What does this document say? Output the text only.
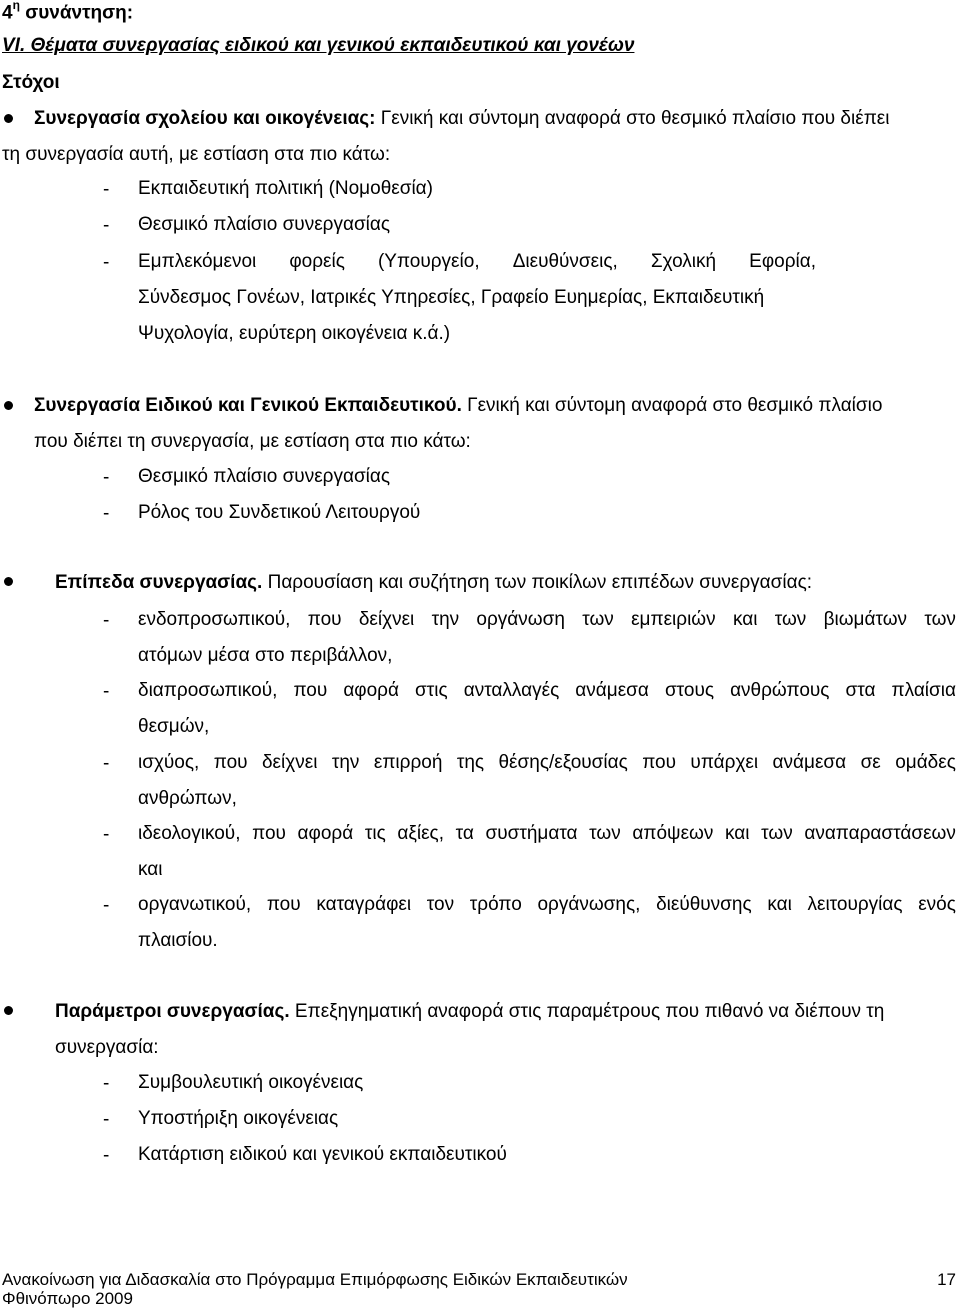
$4^\eta$ συνάντηση:
VI. Θέματα συνεργασίας ειδικού και γενικού εκπαιδευτικού και γονέων
Στόχοι
Συνεργασία σχολείου και οικογένειας: Γενική και σύντομη αναφορά στο θεσμικό πλαίσιο που διέπει
τη συνεργασία αυτή, με εστίαση στα πιο κάτω:
- Εκπαιδευτική πολιτική (Νομοθεσία)
- Θεσμικό πλαίσιο συνεργασίας
- Εμπλεκόμενοι φορείς (Υπουργείο, Διευθύνσεις, Σχολική Εφορία,
Σύνδεσμος Γονέων, Ιατρικές Υπηρεσίες, Γραφείο Ευημερίας, Εκπαιδευτική
Ψυχολογία, ευρύτερη οικογένεια κ.ά.)
Συνεργασία Ειδικού και Γενικού Εκπαιδευτικού. Γενική και σύντομη αναφορά στο θεσμικό πλαίσιο
που διέπει τη συνεργασία, με εστίαση στα πιο κάτω:
- Θεσμικό πλαίσιο συνεργασίας
- Ρόλος του Συνδετικού Λειτουργού
Επίπεδα συνεργασίας. Παρουσίαση και συζήτηση των ποικίλων επιπέδων συνεργασίας:
- ενδοπροσωπικού, που δείχνει την οργάνωση των εμπειριών και των βιωμάτων των
ατόμων μέσα στο περιβάλλον,
- διαπροσωπικού, που αφορά στις ανταλλαγές ανάμεσα στους ανθρώπους στα πλαίσια
θεσμών,
- ισχύος, που δείχνει την επιρροή της θέσης/εξουσίας που υπάρχει ανάμεσα σε ομάδες
ανθρώπων,
- ιδεολογικού, που αφορά τις αξίες, τα συστήματα των απόψεων και των αναπαραστάσεων
και
- οργανωτικού, που καταγράφει τον τρόπο οργάνωσης, διεύθυνσης και λειτουργίας ενός
πλαισίου.
Παράμετροι συνεργασίας. Επεξηγηματική αναφορά στις παραμέτρους που πιθανό να διέπουν τη
συνεργασία:
- Συμβουλευτική οικογένειας
- Υποστήριξη οικογένειας
- Κατάρτιση ειδικού και γενικού εκπαιδευτικού
Ανακοίνωση για Διδασκαλία στο Πρόγραμμα Επιμόρφωσης Ειδικών Εκπαιδευτικών	17
Φθινόπωρο 2009
